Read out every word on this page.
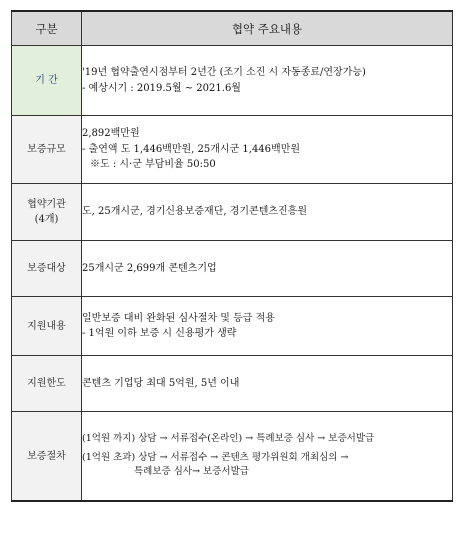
구분	협약 주요내용
기 간	'19년 협약출연시점부터 2년간 (조기 소진 시 자동종료/연장가능)
- 예상시기 : 2019.5월 ~ 2021.6월

보증규모	2,892백만원
- 출연액 도 1,446백만원, 25개시군 1,446백만원
※도 : 시·군 부담비율 50:50

협약기관
(4개)	도, 25개시군, 경기신용보증재단, 경기콘텐츠진흥원

보증대상	25개시군 2,699개 콘텐츠기업

지원내용	일반보증 대비 완화된 심사절차 및 등급 적용
- 1억원 이하 보증 시 신용평가 생략

지원한도	콘텐츠 기업당 최대 5억원, 5년 이내

보증절차	(1억원 까지) 상담 → 서류접수(온라인) → 특례보증 심사 → 보증서발급
(1억원 초과) 상담 → 서류접수 → 콘텐츠 평가위원회 개최심의 →
특례보증 심사→ 보증서발급
